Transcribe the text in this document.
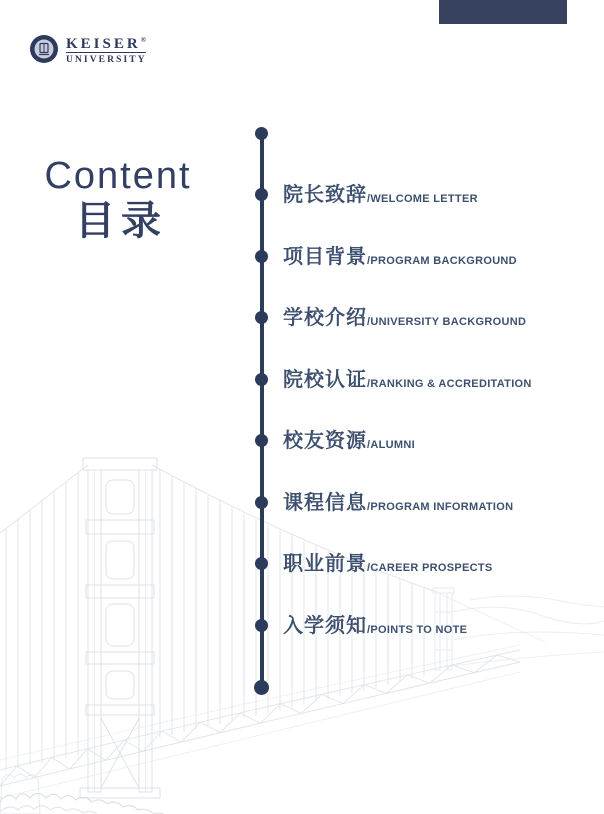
KEISER®
UNIVERSITY
Content
目录
院长致辞/WELCOME LETTER
项目背景/PROGRAM BACKGROUND
学校介绍/UNIVERSITY BACKGROUND
院校认证/RANKING & ACCREDITATION
校友资源/ALUMNI
课程信息/PROGRAM INFORMATION
职业前景/CAREER PROSPECTS
入学须知/POINTS TO NOTE
